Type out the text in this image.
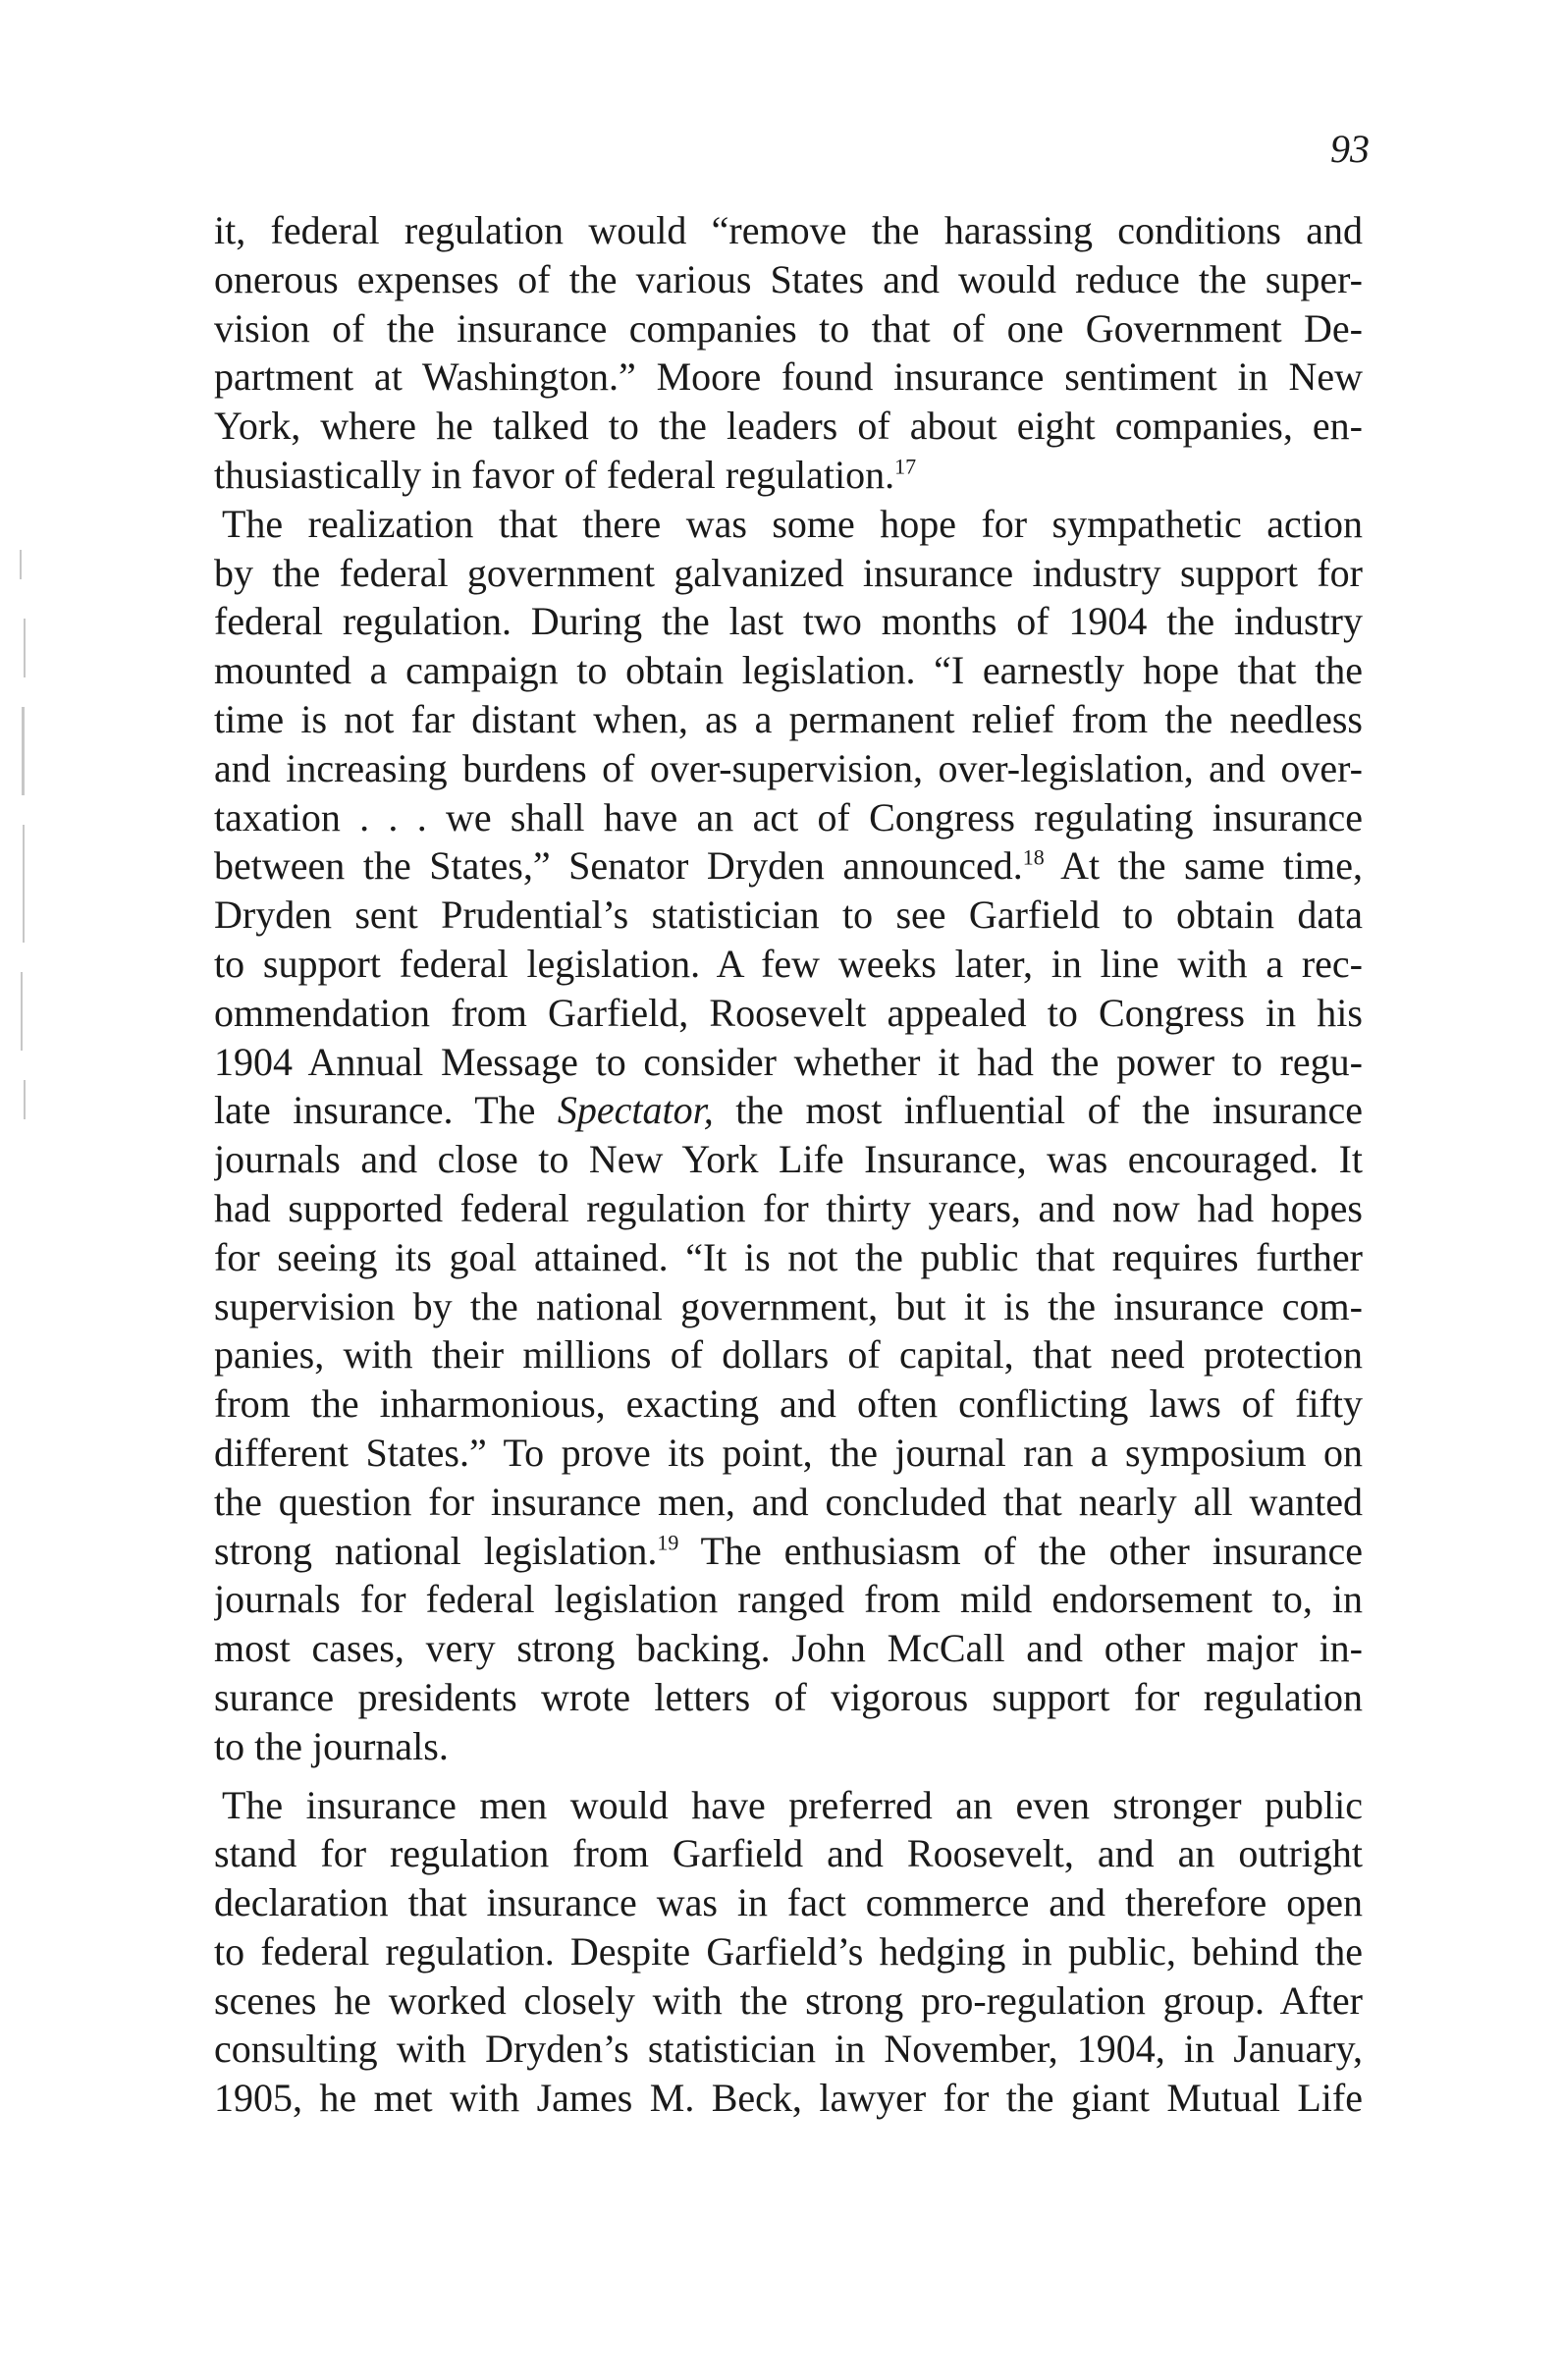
93
it, federal regulation would “remove the harassing conditions and
onerous expenses of the various States and would reduce the super-
vision of the insurance companies to that of one Government De-
partment at Washington.” Moore found insurance sentiment in New
York, where he talked to the leaders of about eight companies, en-
thusiastically in favor of federal regulation.$^{17}$
The realization that there was some hope for sympathetic action
by the federal government galvanized insurance industry support for
federal regulation. During the last two months of 1904 the industry
mounted a campaign to obtain legislation. “I earnestly hope that the
time is not far distant when, as a permanent relief from the needless
and increasing burdens of over-supervision, over-legislation, and over-
taxation . . . we shall have an act of Congress regulating insurance
between the States,” Senator Dryden announced.$^{18}$ At the same time,
Dryden sent Prudential’s statistician to see Garfield to obtain data
to support federal legislation. A few weeks later, in line with a rec-
ommendation from Garfield, Roosevelt appealed to Congress in his
1904 Annual Message to consider whether it had the power to regu-
late insurance. The Spectator, the most influential of the insurance
journals and close to New York Life Insurance, was encouraged. It
had supported federal regulation for thirty years, and now had hopes
for seeing its goal attained. “It is not the public that requires further
supervision by the national government, but it is the insurance com-
panies, with their millions of dollars of capital, that need protection
from the inharmonious, exacting and often conflicting laws of fifty
different States.” To prove its point, the journal ran a symposium on
the question for insurance men, and concluded that nearly all wanted
strong national legislation.$^{19}$ The enthusiasm of the other insurance
journals for federal legislation ranged from mild endorsement to, in
most cases, very strong backing. John McCall and other major in-
surance presidents wrote letters of vigorous support for regulation
to the journals.
The insurance men would have preferred an even stronger public
stand for regulation from Garfield and Roosevelt, and an outright
declaration that insurance was in fact commerce and therefore open
to federal regulation. Despite Garfield’s hedging in public, behind the
scenes he worked closely with the strong pro-regulation group. After
consulting with Dryden’s statistician in November, 1904, in January,
1905, he met with James M. Beck, lawyer for the giant Mutual Life
